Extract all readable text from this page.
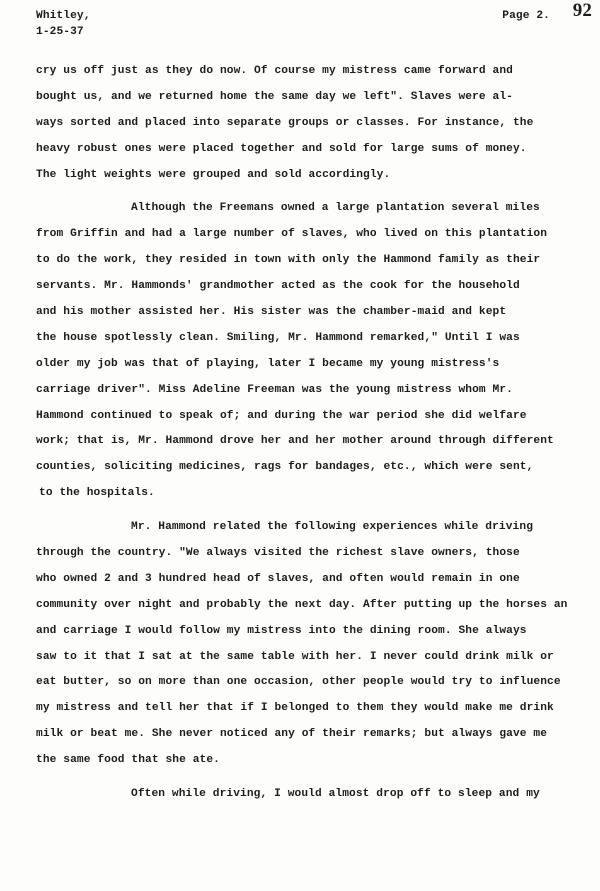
Whitley,
1-25-37
Page 2. 92
cry us off just as they do now. Of course my mistress came forward and
bought us, and we returned home the same day we left". Slaves were al-
ways sorted and placed into separate groups or classes. For instance, the
heavy robust ones were placed together and sold for large sums of money.
The light weights were grouped and sold accordingly.
Although the Freemans owned a large plantation several miles
from Griffin and had a large number of slaves, who lived on this plantation
to do the work, they resided in town with only the Hammond family as their
servants. Mr. Hammonds' grandmother acted as the cook for the household
and his mother assisted her. His sister was the chamber-maid and kept
the house spotlessly clean. Smiling, Mr. Hammond remarked," Until I was
older my job was that of playing, later I became my young mistress's
carriage driver". Miss Adeline Freeman was the young mistress whom Mr.
Hammond continued to speak of; and during the war period she did welfare
work; that is, Mr. Hammond drove her and her mother around through different
counties, soliciting medicines, rags for bandages, etc., which were sent,
to the hospitals.
Mr. Hammond related the following experiences while driving
through the country. "We always visited the richest slave owners, those
who owned 2 and 3 hundred head of slaves, and often would remain in one
community over night and probably the next day. After putting up the horses an
and carriage I would follow my mistress into the dining room. She always
saw to it that I sat at the same table with her. I never could drink milk or
eat butter, so on more than one occasion, other people would try to influence
my mistress and tell her that if I belonged to them they would make me drink
milk or beat me. She never noticed any of their remarks; but always gave me
the same food that she ate.
Often while driving, I would almost drop off to sleep and my
